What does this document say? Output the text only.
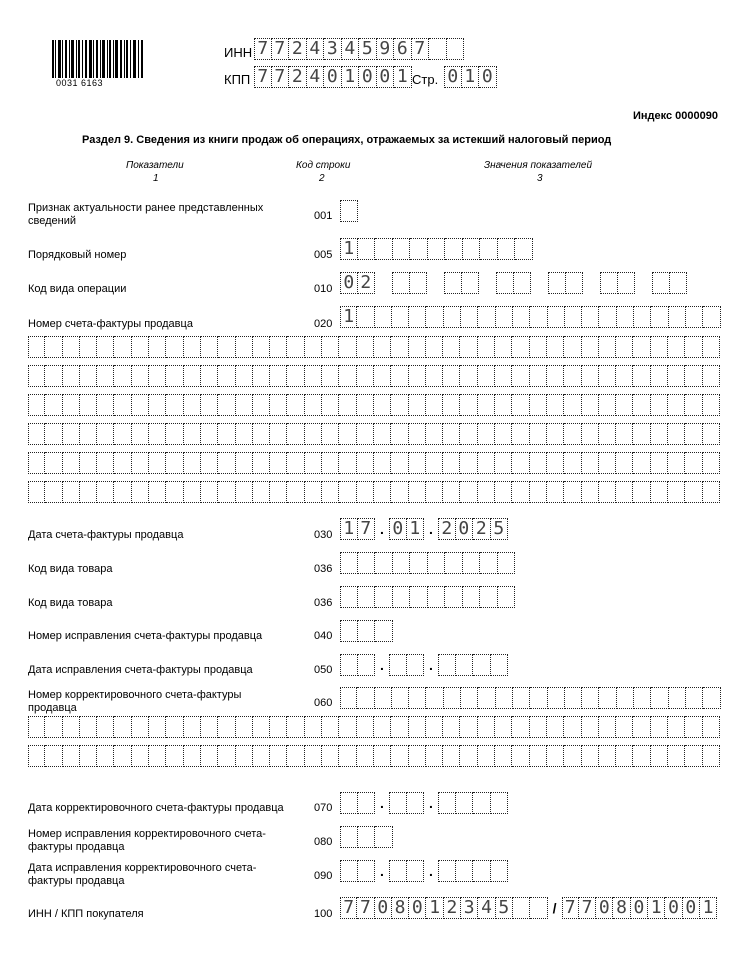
0031 6163
ИНН 7 7 2 4 3 4 5 9 6 7
КПП 7 7 2 4 0 1 0 0 1 Стр. 0 1 0
Индекс 0000090
Раздел 9. Сведения из книги продаж об операциях, отражаемых за истекший налоговый период
Показатели
1
Код строки
2
Значения показателей
3
Признак актуальности ранее представленных сведений	001
Порядковый номер	005 1
Код вида операции	010 0 2
Номер счета-фактуры продавца	020 1
Дата счета-фактуры продавца	030 1 7 . 0 1 . 2 0 2 5
Код вида товара	036
Код вида товара	036
Номер исправления счета-фактуры продавца	040
Дата исправления счета-фактуры продавца	050	.	.
Номер корректировочного счета-фактуры продавца	060
Дата корректировочного счета-фактуры продавца	070	.	.
Номер исправления корректировочного счета-фактуры продавца	080
Дата исправления корректировочного счета-фактуры продавца	090	.	.
ИНН / КПП покупателя	100 7 7 0 8 0 1 2 3 4 5	/ 7 7 0 8 0 1 0 0 1
